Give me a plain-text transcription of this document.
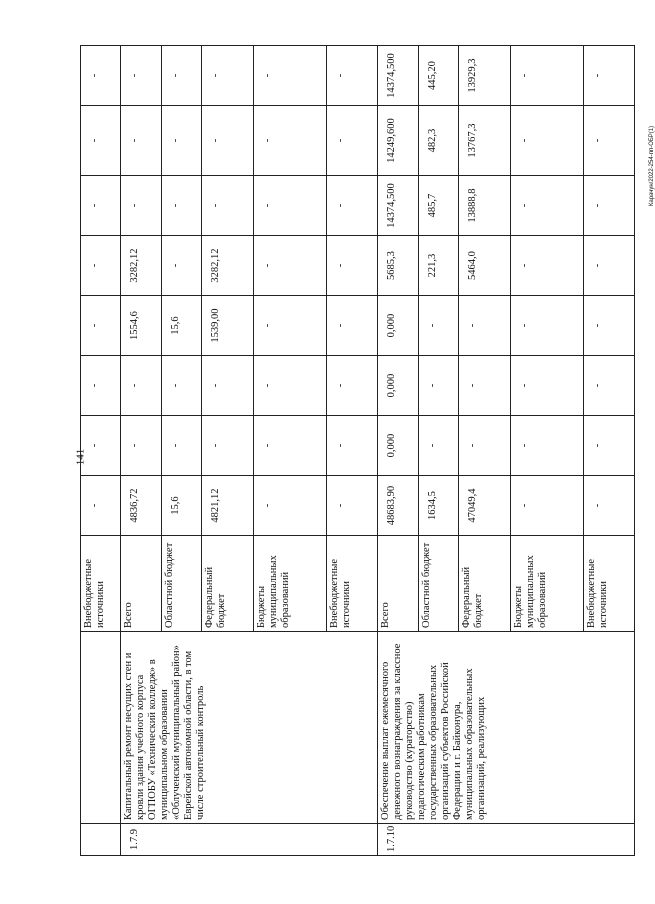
141
Карачун/2022-254-пп-ОБР(1)
		Внебюджетные источники	-	-	-	-	-	-	-	-
1.7.9	Капитальный ремонт несущих стен и кровли здания учебного корпуса ОГПОБУ «Технический колледж» в муниципальном образовании «Облученский муниципальный район» Еврейской автономной области, в том числе строительный контроль	Всего	4836,72	-	-	1554,6	3282,12	-	-	-
		Областной бюджет	15,6	-	-	15,6	-	-	-	-
		Федеральный бюджет	4821,12	-	-	1539,00	3282,12	-	-	-
		Бюджеты муниципальных образований	-	-	-	-	-	-	-	-
		Внебюджетные источники	-	-	-	-	-	-	-	-
1.7.10	Обеспечение выплат ежемесячного денежного вознаграждения за классное руководство (кураторство) педагогическим работникам государственных образовательных организаций субъектов Российской Федерации и г. Байконура, муниципальных образовательных организаций, реализующих	Всего	48683,90	0,000	0,000	0,000	5685,3	14374,500	14249,600	14374,500
		Областной бюджет	1634,5	-	-	-	221,3	485,7	482,3	445,20
		Федеральный бюджет	47049,4	-	-	-	5464,0	13888,8	13767,3	13929,3
		Бюджеты муниципальных образований	-	-	-	-	-	-	-	-
		Внебюджетные источники	-	-	-	-	-	-	-	-
